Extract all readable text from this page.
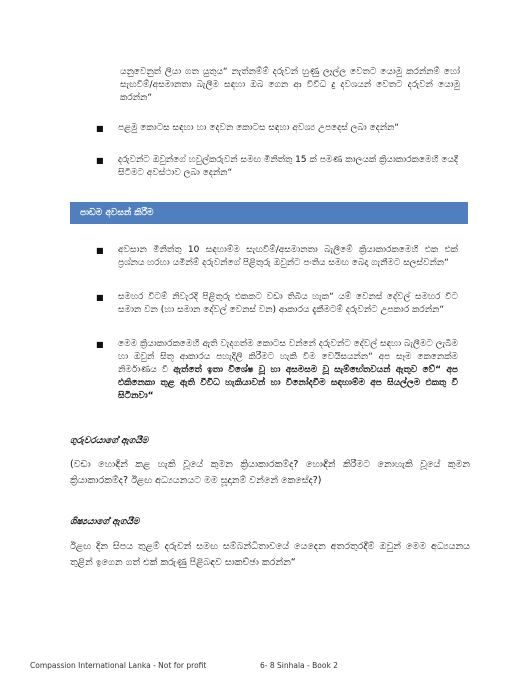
යනුවෙනුත් ලියා ගත යුතුය“ නැත්නම්ම් දරුවන් හුණු ලෑල්ල වෙතට යොමු කරන්නම් හෝ සැඟවීම්/අසමානතා බැලීම සඳහා ඔබ ගෙන ආ විවිධ දු දවශයන් වෙතට දරුවන් යොමු කරන්න“
■	පළමු කොටස සඳහා හා දෙවන කොටස සඳහා අවශ්‍ය උපදෙස් ලබා දෙන්න“
■	දරුවන්ට ඔවුන්ගේ හවුල්කරුවන් සමඟ මිනිත්තු 15 ක් පමණ කාලයක් ක්‍රියාකාරකමෙහි යෙදී සිටීමට අවස්ථාව ලබා දෙන්න“
පාඩම අවසන් කිරීම
■	අවසාන මිනිත්තු 10 සඳහාම්ම සැඟවීම්/අසමානතා බැලීමේ ක්‍රියාකාරකමෙහි එක එක් ප්‍රශ්නය හරහා යමින්ම් දරුවන්ගේ පිළිතුරු ඔවුන්ට පංතිය සමඟ බෙදා ගැනීමට සලස්වන්න“
■	සමහර විටම් නිවැරදි පිළිතුරු එකකට වඩා තිබිය හැක“ යම් වෙනස් දේවල් සමහර විට සමාන වන (හා සමාන දේවල් වෙනස් වන) ආකාරය දැකීමටම් දරුවන්ට උපකාර කරන්න“
■	මෙම ක්‍රියාකාරකමෙහි ඇති වැදගත්ම කොටස වන්නේ දරුවන්ට දේවල් සඳහා බැලීමට ලැබීම හා ඔවුන් සිතූ ආකාරය පහැදිලි කිරීමට හැකි වීම වෙයිසයන්න“ අප සෑම කෙනෙක්ම නිර්මාණය වී ඇත්තේ ඉතා විශේෂ වූ හා අසමසම වූ සැම්භේතවයන් ඇතුව වේ“ අප එකිනෙකා තුළ ඇති විවිධ හැකියාවන් හා විනෝදවීම සඳහාම්ම අප සියල්ලම එකතු වී සිටිනවා“
ගුරුවරයාගේ ඇගයීම
(වඩා හොඳින් කළ හැකි වූයේ කුමන ක්‍රියාකාරකම්ද? හොඳින් කිරීමට නොහැකි වූයේ කුමන ක්‍රියාකාරකම්ද? ඊළඟ අධ්‍යයනයට මම සූදානම් වන්නේ කෙසේද?)
ශිෂ්‍යයාගේ ඇගයීම
ඊළඟ දින සිපය තුළම් දරුවන් සමඟ සම්බන්ධිතාවයේ යෙදෙන අතරතුරදීම් ඔවුන් මෙම අධ්‍යයනය තුළින් ඉගෙන ගත් එක් කරුණු පිළිබඳව සාකච්ඡා කරන්න“
Compassion International Lanka - Not for profit	6- 8 Sinhala - Book 2
